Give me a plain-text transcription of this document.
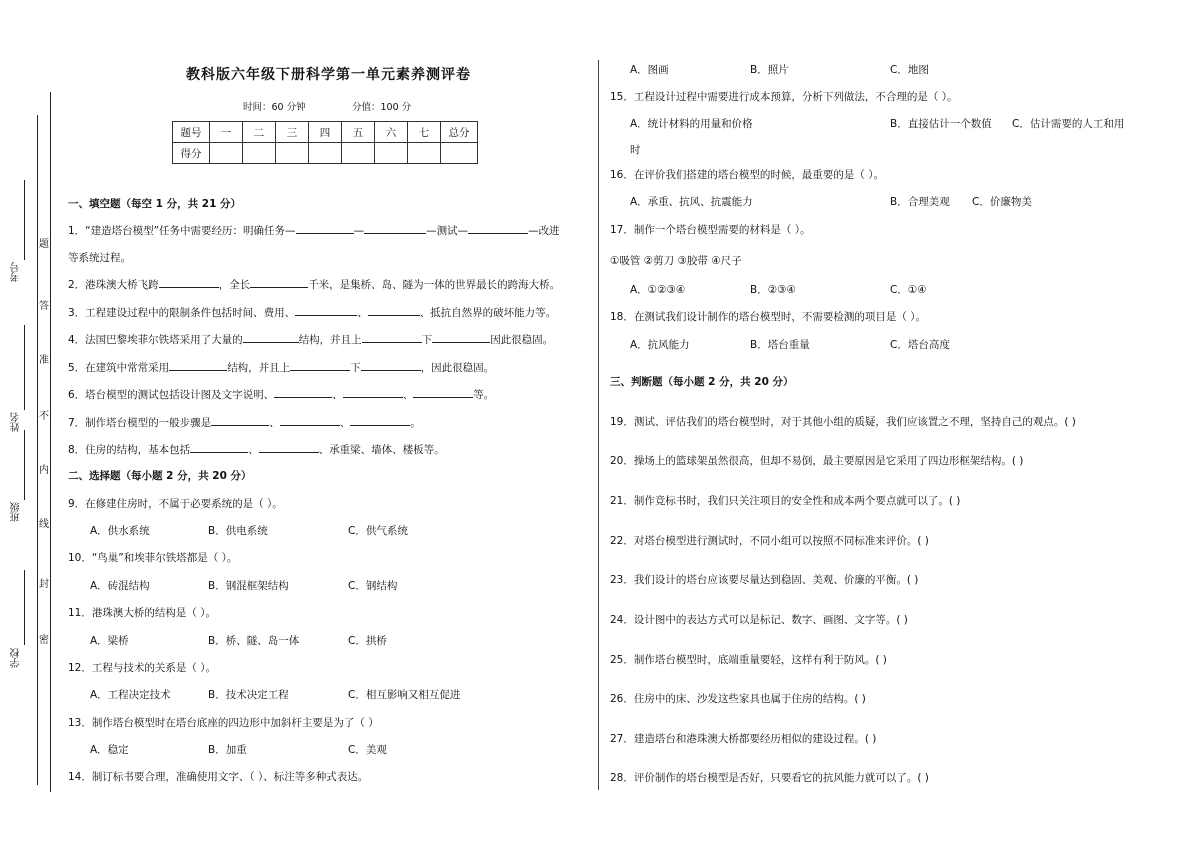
考号
姓名
班级
学校
题
答
准
不
内
线
封
密
教科版六年级下册科学第一单元素养测评卷
时间：60 分钟	分值：100 分
题号	一	二	三	四	五	六	七	总分
得分								
一、填空题（每空 1 分，共 21 分）
1．“建造塔台模型”任务中需要经历：明确任务—	—	—测试—	—改进
等系统过程。
2．港珠澳大桥飞跨	，全长	千米，是集桥、岛、隧为一体的世界最长的跨海大桥。
3．工程建设过程中的限制条件包括时间、费用、	、	、抵抗自然界的破坏能力等。
4．法国巴黎埃菲尔铁塔采用了大量的	结构，并且上	下	因此很稳固。
5．在建筑中常常采用	结构，并且上	下	，因此很稳固。
6．塔台模型的测试包括设计图及文字说明、	、	、	等。
7．制作塔台模型的一般步骤是	、	、	。
8．住房的结构，基本包括	、	、承重梁、墙体、楼板等。
二、选择题（每小题 2 分，共 20 分）
9．在修建住房时，不属于必要系统的是（ ）。
A．供水系统	B．供电系统	C．供气系统
10．“鸟巢”和埃菲尔铁塔都是（ ）。
A．砖混结构	B．钢混框架结构	C．钢结构
11．港珠澳大桥的结构是（ ）。
A．梁桥	B．桥、隧、岛一体	C．拱桥
12．工程与技术的关系是（ ）。
A．工程决定技术	B．技术决定工程	C．相互影响又相互促进
13．制作塔台模型时在塔台底座的四边形中加斜杆主要是为了（ ）
A．稳定	B．加重	C．美观
14．制订标书要合理，准确使用文字、（ ）、标注等多种式表达。
A．图画	B．照片	C．地图
15．工程设计过程中需要进行成本预算，分析下列做法，不合理的是（ ）。
A．统计材料的用量和价格	B．直接估计一个数值 C．估计需要的人工和用
时
16．在评价我们搭建的塔台模型的时候，最重要的是（ ）。
A．承重、抗风、抗震能力	B．合理美观 C．价廉物美
17．制作一个塔台模型需要的材料是（ ）。
①吸管 ②剪刀 ③胶带 ④尺子
A．①②③④	B．②③④	C．①④
18．在测试我们设计制作的塔台模型时，不需要检测的项目是（ ）。
A．抗风能力	B．塔台重量	C．塔台高度
三、判断题（每小题 2 分，共 20 分）
19．测试、评估我们的塔台模型时，对于其他小组的质疑，我们应该置之不理，坚持自己的观点。( )
20．操场上的篮球架虽然很高，但却不易倒，最主要原因是它采用了四边形框架结构。( )
21．制作竞标书时，我们只关注项目的安全性和成本两个要点就可以了。( )
22．对塔台模型进行测试时，不同小组可以按照不同标准来评价。( )
23．我们设计的塔台应该要尽量达到稳固、美观、价廉的平衡。( )
24．设计图中的表达方式可以是标记、数字、画图、文字等。( )
25．制作塔台模型时，底端重量要轻，这样有利于防风。( )
26．住房中的床、沙发这些家具也属于住房的结构。( )
27．建造塔台和港珠澳大桥都要经历相似的建设过程。( )
28．评价制作的塔台模型是否好，只要看它的抗风能力就可以了。( )
